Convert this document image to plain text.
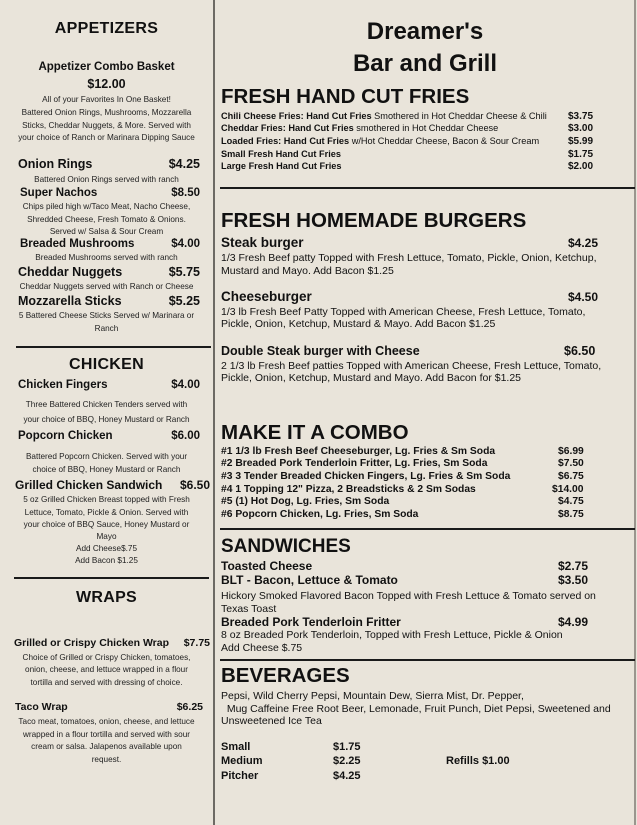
APPETIZERS
Appetizer Combo Basket
$12.00
All of your Favorites In One Basket!
Battered Onion Rings, Mushrooms, Mozzarella
Sticks, Cheddar Nuggets, & More. Served with
your choice of Ranch or Marinara Dipping Sauce
Onion Rings	$4.25
Battered Onion Rings served with ranch
Super Nachos	$8.50
Chips piled high w/Taco Meat, Nacho Cheese,
Shredded Cheese, Fresh Tomato & Onions.
Served w/ Salsa & Sour Cream
Breaded Mushrooms	$4.00
Breaded Mushrooms served with ranch
Cheddar Nuggets	$5.75
Cheddar Nuggets served with Ranch or Cheese
Mozzarella Sticks	$5.25
5 Battered Cheese Sticks Served w/ Marinara or
Ranch
CHICKEN
Chicken Fingers	$4.00
Three Battered Chicken Tenders served with
your choice of BBQ, Honey Mustard or Ranch
Popcorn Chicken	$6.00
Battered Popcorn Chicken. Served with your
choice of BBQ, Honey Mustard or Ranch
Grilled Chicken Sandwich $6.50
5 oz Grilled Chicken Breast topped with Fresh
Lettuce, Tomato, Pickle & Onion. Served with
your choice of BBQ Sauce, Honey Mustard or
Mayo
Add Cheese$.75
Add Bacon $1.25
WRAPS
Grilled or Crispy Chicken Wrap $7.75
Choice of Grilled or Crispy Chicken, tomatoes,
onion, cheese, and lettuce wrapped in a flour
tortilla and served with dressing of choice.
Taco Wrap	$6.25
Taco meat, tomatoes, onion, cheese, and lettuce
wrapped in a flour tortilla and served with sour
cream or salsa. Jalapenos available upon
request.
Dreamer's
Bar and Grill
FRESH HAND CUT FRIES
Chili Cheese Fries: Hand Cut Fries Smothered in Hot Cheddar Cheese & Chili	$3.75
Cheddar Fries: Hand Cut Fries smothered in Hot Cheddar Cheese	$3.00
Loaded Fries: Hand Cut Fries w/Hot Cheddar Cheese, Bacon & Sour Cream	$5.99
Small Fresh Hand Cut Fries	$1.75
Large Fresh Hand Cut Fries	$2.00
FRESH HOMEMADE BURGERS
Steak burger	$4.25
1/3 Fresh Beef patty Topped with Fresh Lettuce, Tomato, Pickle, Onion, Ketchup,
Mustard and Mayo. Add Bacon $1.25
Cheeseburger	$4.50
1/3 lb Fresh Beef Patty Topped with American Cheese, Fresh Lettuce, Tomato,
Pickle, Onion, Ketchup, Mustard & Mayo. Add Bacon $1.25
Double Steak burger with Cheese	$6.50
2 1/3 lb Fresh Beef patties Topped with American Cheese, Fresh Lettuce, Tomato,
Pickle, Onion, Ketchup, Mustard and Mayo. Add Bacon for $1.25
MAKE IT A COMBO
#1 1/3 lb Fresh Beef Cheeseburger, Lg. Fries & Sm Soda	$6.99
#2 Breaded Pork Tenderloin Fritter, Lg. Fries, Sm Soda	$7.50
#3 3 Tender Breaded Chicken Fingers, Lg. Fries & Sm Soda	$6.75
#4 1 Topping 12" Pizza, 2 Breadsticks & 2 Sm Sodas	$14.00
#5 (1) Hot Dog, Lg. Fries, Sm Soda	$4.75
#6 Popcorn Chicken, Lg. Fries, Sm Soda	$8.75
SANDWICHES
Toasted Cheese	$2.75
BLT - Bacon, Lettuce & Tomato	$3.50
Hickory Smoked Flavored Bacon Topped with Fresh Lettuce & Tomato served on
Texas Toast
Breaded Pork Tenderloin Fritter	$4.99
8 oz Breaded Pork Tenderloin, Topped with Fresh Lettuce, Pickle & Onion
Add Cheese $.75
BEVERAGES
Pepsi, Wild Cherry Pepsi, Mountain Dew, Sierra Mist, Dr. Pepper,
Mug Caffeine Free Root Beer, Lemonade, Fruit Punch, Diet Pepsi, Sweetened and
Unsweetened Ice Tea
Small	$1.75
Medium	$2.25	Refills $1.00
Pitcher	$4.25
